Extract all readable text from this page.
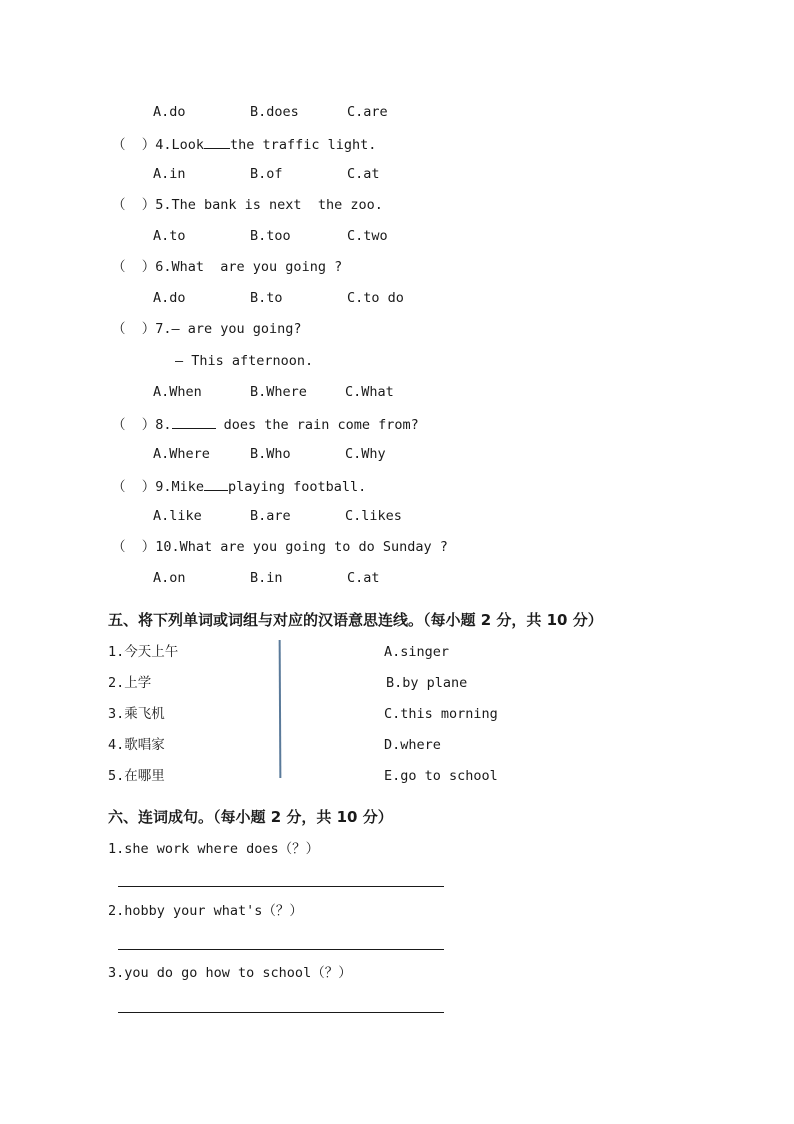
A.do	B.does	C.are
（  ）4.Look the traffic light.
A.in	B.of	C.at
（  ）5.The bank is next  the zoo.
A.to	B.too	C.two
（  ）6.What  are you going ?
A.do	B.to	C.to do
（  ）7.— are you going?
— This afternoon.
A.When	B.Where	C.What
（  ）8.	does the rain come from?
A.Where	B.Who	C.Why
（  ）9.Mike playing football.
A.like	B.are	C.likes
（  ）10.What are you going to do Sunday ?
A.on	B.in	C.at
五、将下列单词或词组与对应的汉语意思连线。（每小题 2 分，共 10 分）
1.今天上午
2.上学
3.乘飞机
4.歌唱家
5.在哪里
A.singer
B.by plane
C.this morning
D.where
E.go to school
六、连词成句。（每小题 2 分，共 10 分）
1.she work where does（？）
2.hobby your what's（？）
3.you do go how to school（？）
